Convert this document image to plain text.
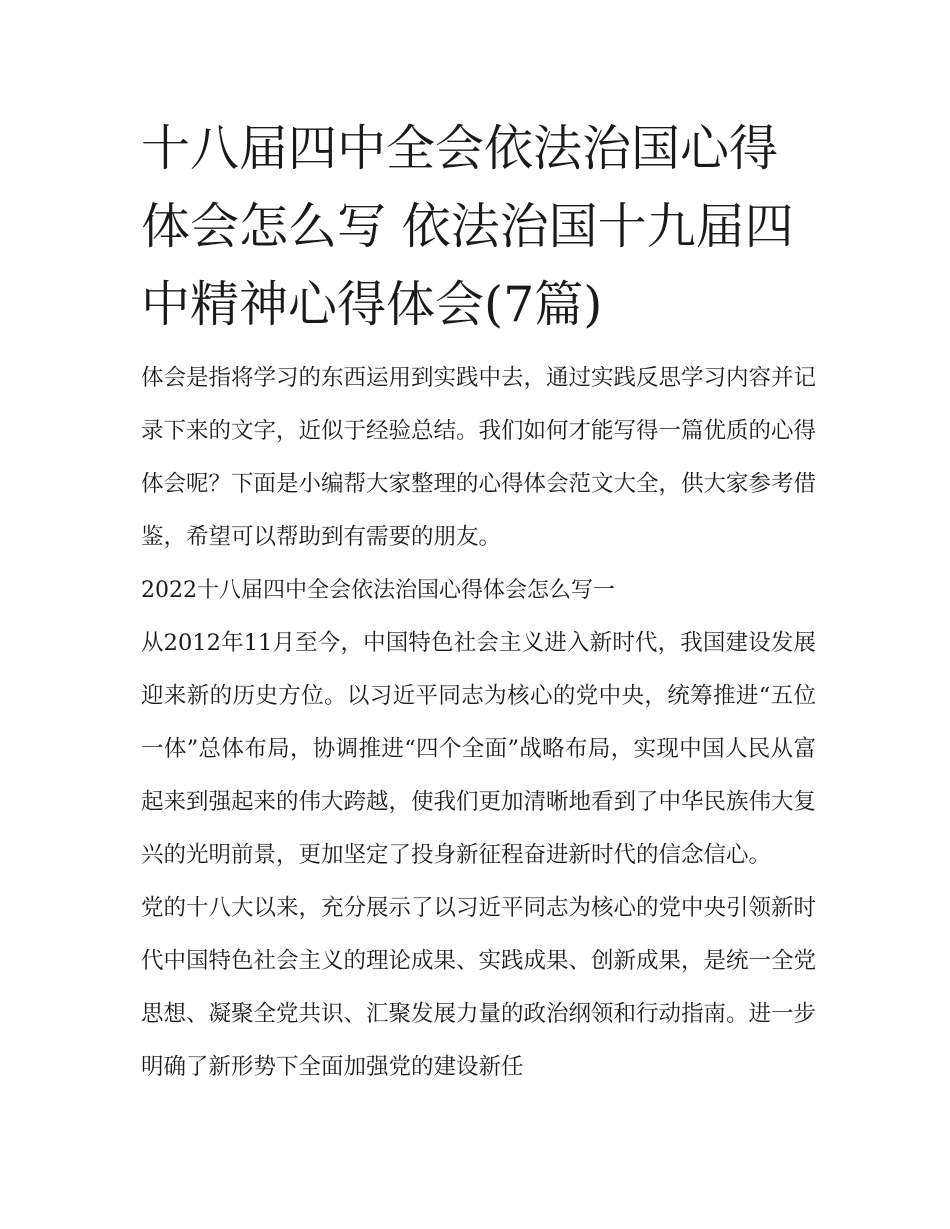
十八届四中全会依法治国心得体会怎么写 依法治国十九届四中精神心得体会(7篇)

体会是指将学习的东西运用到实践中去，通过实践反思学习内容并记录下来的文字，近似于经验总结。我们如何才能写得一篇优质的心得体会呢？下面是小编帮大家整理的心得体会范文大全，供大家参考借鉴，希望可以帮助到有需要的朋友。

2022十八届四中全会依法治国心得体会怎么写一

从2012年11月至今，中国特色社会主义进入新时代，我国建设发展迎来新的历史方位。以习近平同志为核心的党中央，统筹推进“五位一体”总体布局，协调推进“四个全面”战略布局，实现中国人民从富起来到强起来的伟大跨越，使我们更加清晰地看到了中华民族伟大复兴的光明前景，更加坚定了投身新征程奋进新时代的信念信心。

党的十八大以来，充分展示了以习近平同志为核心的党中央引领新时代中国特色社会主义的理论成果、实践成果、创新成果，是统一全党思想、凝聚全党共识、汇聚发展力量的政治纲领和行动指南。进一步明确了新形势下全面加强党的建设新任
